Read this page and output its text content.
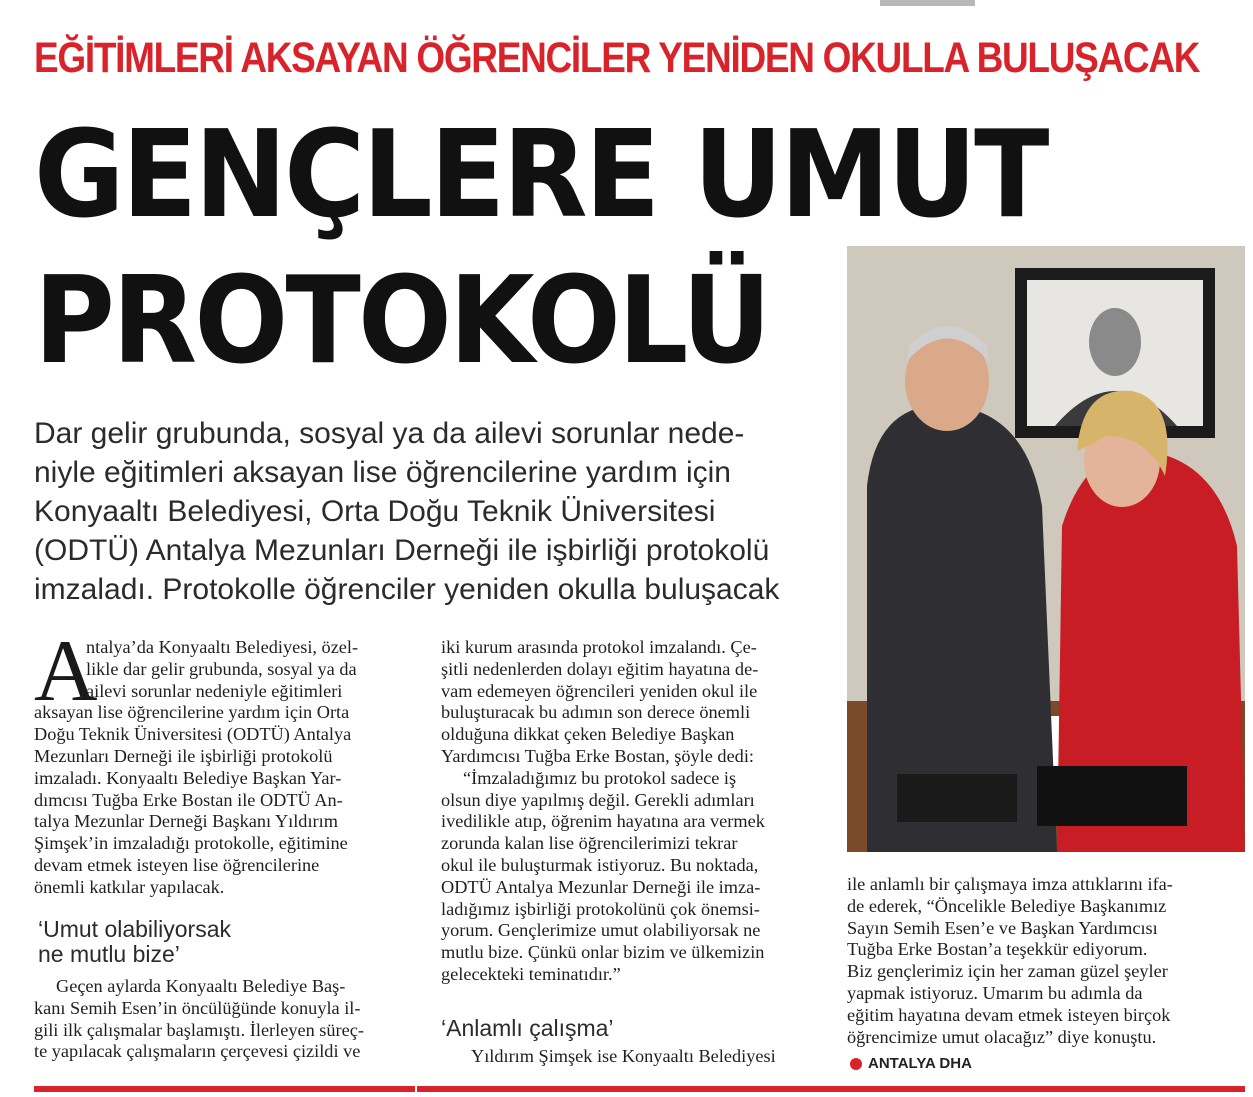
EĞİTİMLERİ AKSAYAN ÖĞRENCİLER YENİDEN OKULLA BULUŞACAK
GENÇLERE UMUT
PROTOKOLÜ

Dar gelir grubunda, sosyal ya da ailevi sorunlar nede-

niyle eğitimleri aksayan lise öğrencilerine yardım için

Konyaaltı Belediyesi, Orta Doğu Teknik Üniversitesi

(ODTÜ) Antalya Mezunları Derneği ile işbirliği protokolü

imzaladı. Protokolle öğrenciler yeniden okulla buluşacak

A

ntalya’da Konyaaltı Belediyesi, özel-

likle dar gelir grubunda, sosyal ya da

ailevi sorunlar nedeniyle eğitimleri

aksayan lise öğrencilerine yardım için Orta

Doğu Teknik Üniversitesi (ODTÜ) Antalya

Mezunları Derneği ile işbirliği protokolü

imzaladı. Konyaaltı Belediye Başkan Yar-

dımcısı Tuğba Erke Bostan ile ODTÜ An-

talya Mezunlar Derneği Başkanı Yıldırım

Şimşek’in imzaladığı protokolle, eğitimine

devam etmek isteyen lise öğrencilerine

önemli katkılar yapılacak.

‘Umut olabiliyorsak

ne mutlu bize’

Geçen aylarda Konyaaltı Belediye Baş-

kanı Semih Esen’in öncülüğünde konuyla il-

gili ilk çalışmalar başlamıştı. İlerleyen süreç-

te yapılacak çalışmaların çerçevesi çizildi ve

iki kurum arasında protokol imzalandı. Çe-

şitli nedenlerden dolayı eğitim hayatına de-

vam edemeyen öğrencileri yeniden okul ile

buluşturacak bu adımın son derece önemli

olduğuna dikkat çeken Belediye Başkan

Yardımcısı Tuğba Erke Bostan, şöyle dedi:

“İmzaladığımız bu protokol sadece iş

olsun diye yapılmış değil. Gerekli adımları

ivedilikle atıp, öğrenim hayatına ara vermek

zorunda kalan lise öğrencilerimizi tekrar

okul ile buluşturmak istiyoruz. Bu noktada,

ODTÜ Antalya Mezunlar Derneği ile imza-

ladığımız işbirliği protokolünü çok önemsi-

yorum. Gençlerimize umut olabiliyorsak ne

mutlu bize. Çünkü onlar bizim ve ülkemizin

gelecekteki teminatıdır.”

‘Anlamlı çalışma’

Yıldırım Şimşek ise Konyaaltı Belediyesi

ile anlamlı bir çalışmaya imza attıklarını ifa-

de ederek, “Öncelikle Belediye Başkanımız

Sayın Semih Esen’e ve Başkan Yardımcısı

Tuğba Erke Bostan’a teşekkür ediyorum.

Biz gençlerimiz için her zaman güzel şeyler

yapmak istiyoruz. Umarım bu adımla da

eğitim hayatına devam etmek isteyen birçok

öğrencimize umut olacağız” diye konuştu.

ANTALYA DHA
